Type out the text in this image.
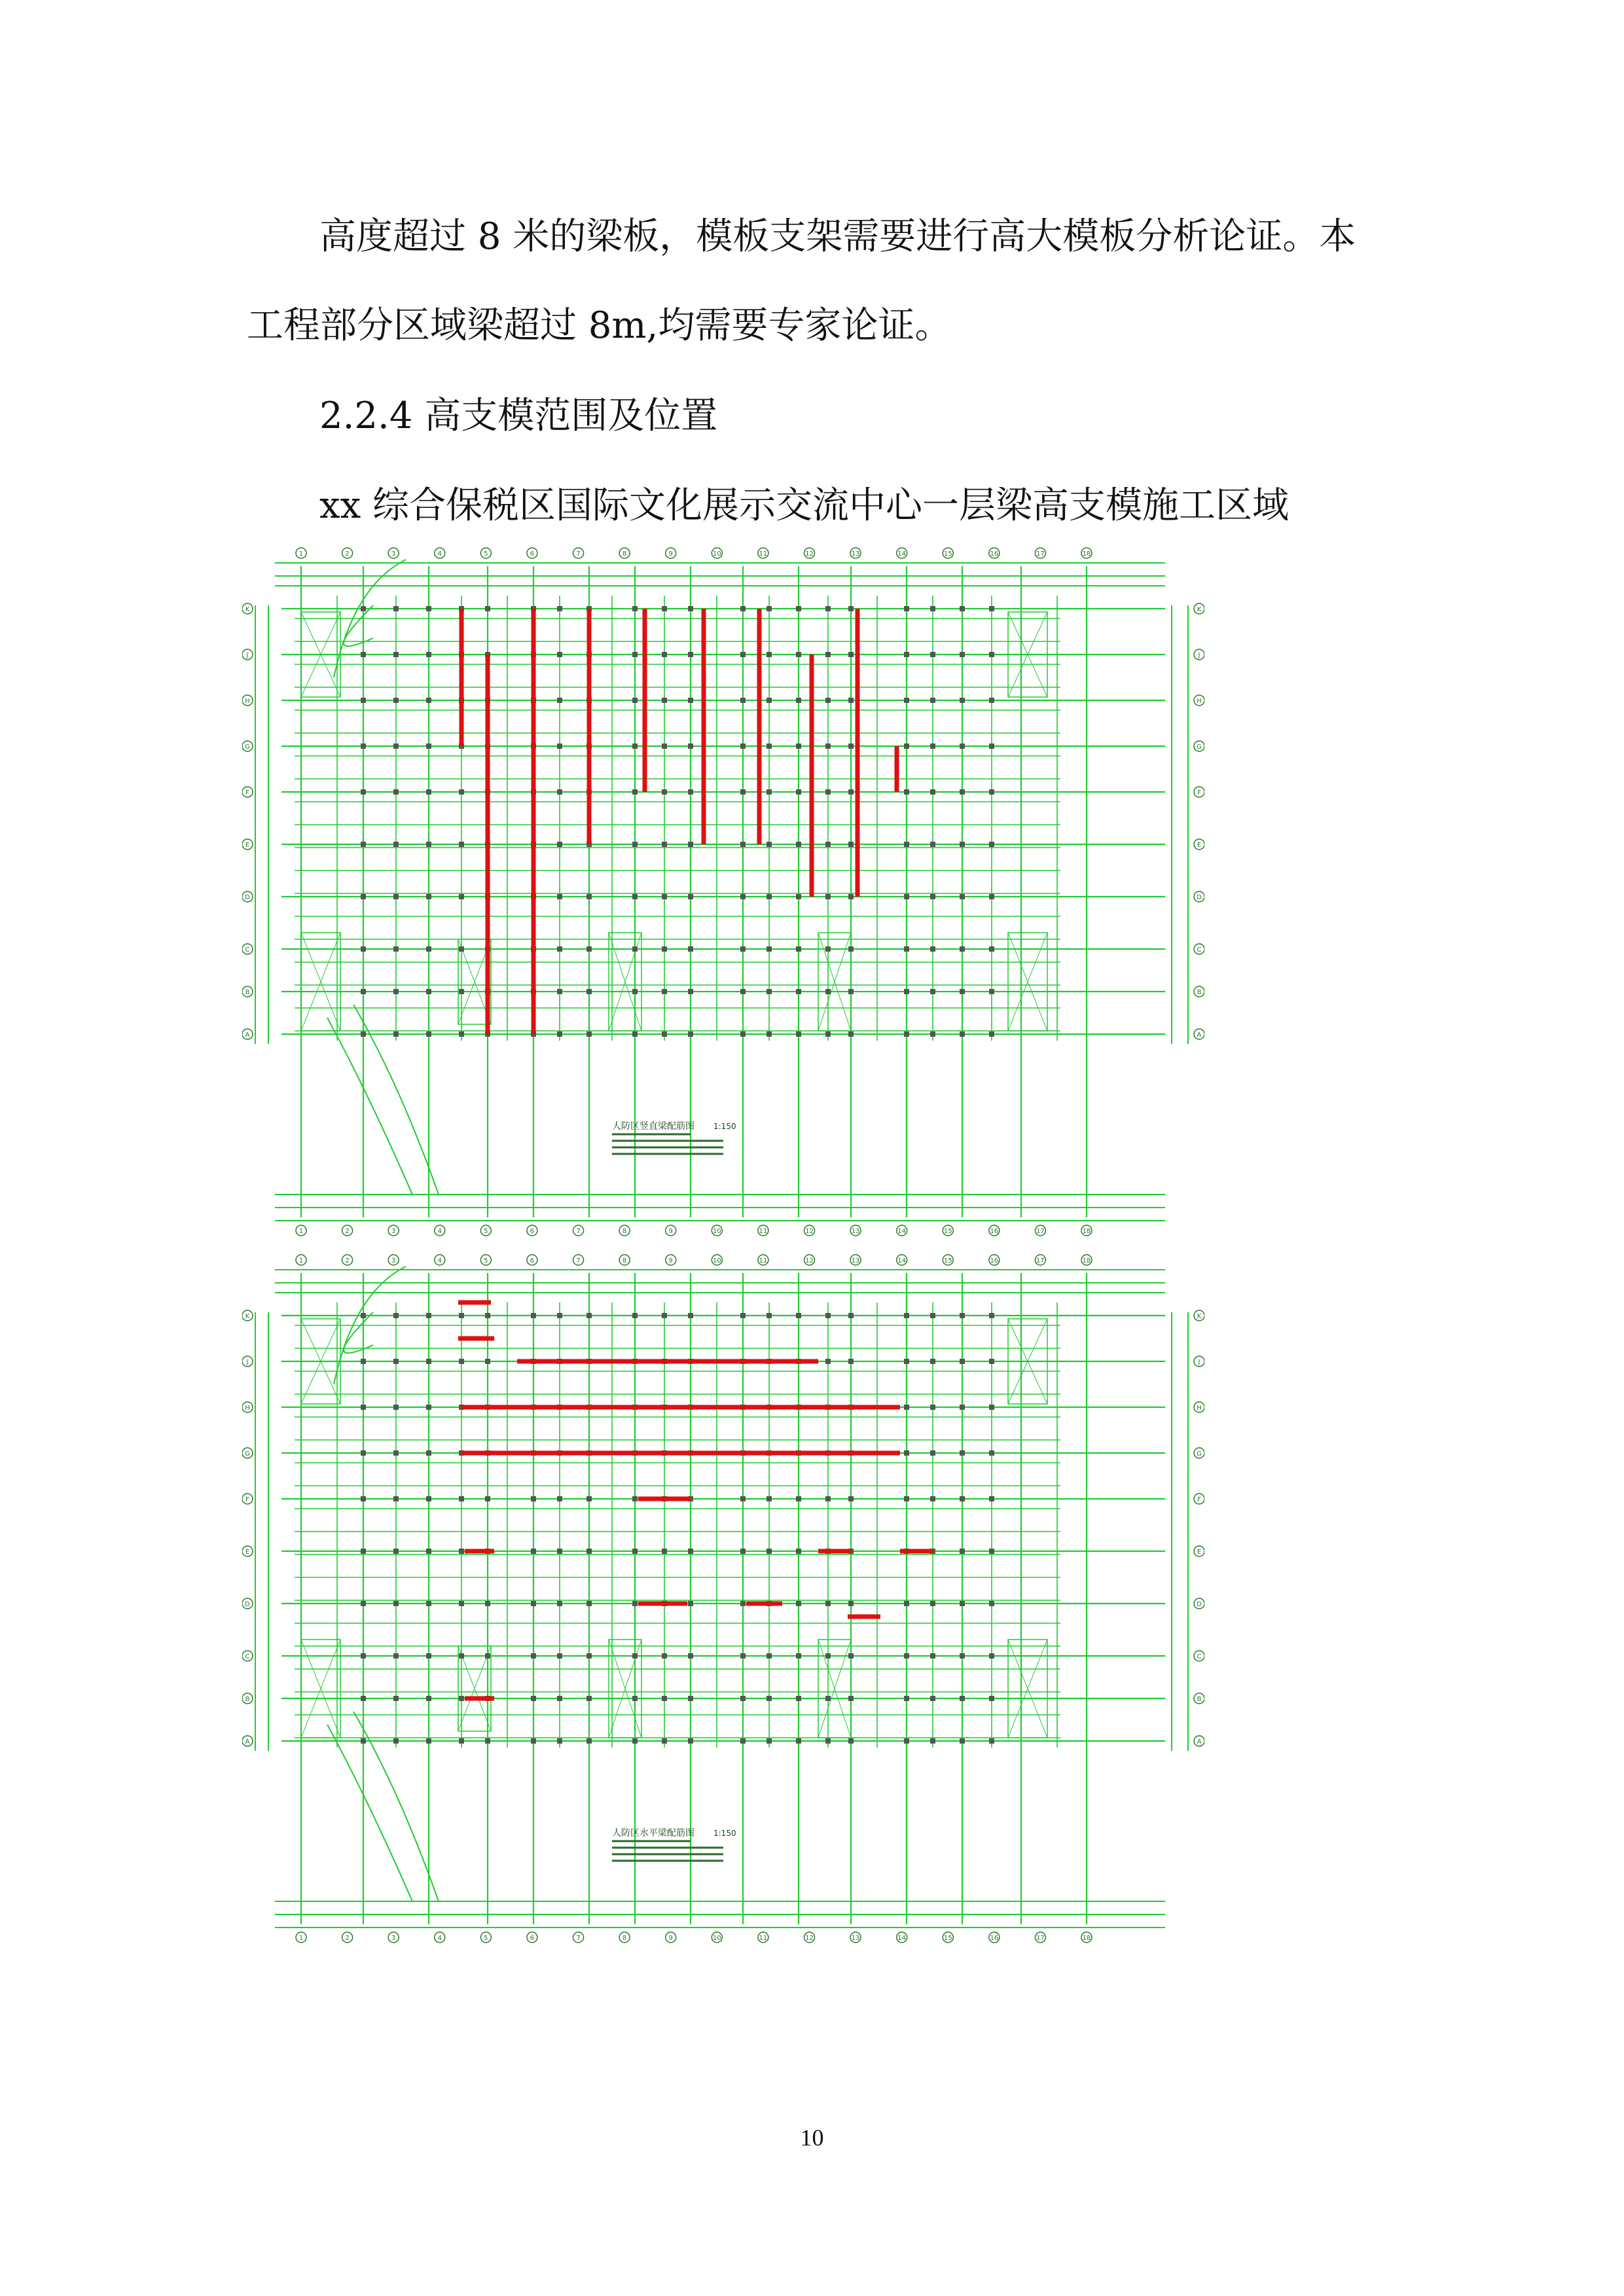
高度超过 8 米的梁板，模板支架需要进行高大模板分析论证。本
工程部分区域梁超过 8m,均需要专家论证。
2.2.4 高支模范围及位置
xx 综合保税区国际文化展示交流中心一层梁高支模施工区域
1
1
2
2
3
3
4
4
5
5
6
6
7
7
8
8
9
9
10
10
11
11
12
12
13
13
14
14
15
15
16
16
17
17
18
18
K	K
J	J
H	H
G	G
F	F
E	E
D	D
C	C
B	B
A	A
人防区竖直梁配筋图 1:150
1
1
2
2
3
3
4
4
5
5
6
6
7
7
8
8
9
9
10
10
11
11
12
12
13
13
14
14
15
15
16
16
17
17
18
18
K	K
J	J
H	H
G	G
F	F
E	E
D	D
C	C
B	B
A	A
人防区水平梁配筋图 1:150
10
